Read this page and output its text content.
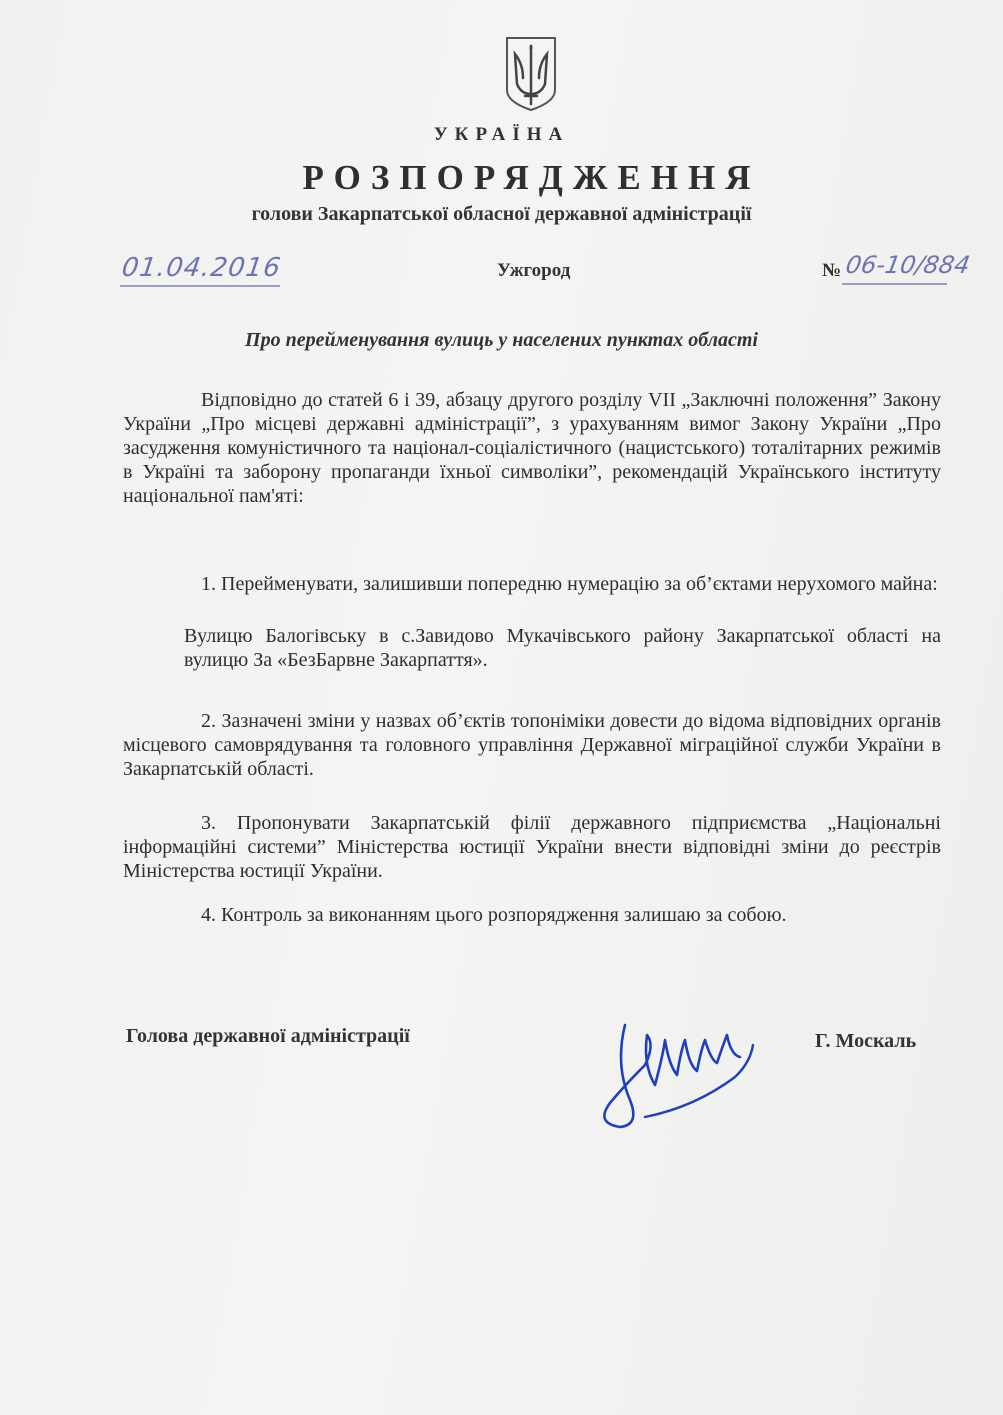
УКРАЇНА
РОЗПОРЯДЖЕННЯ
голови Закарпатської обласної державної адміністрації
01.04.2016	Ужгород	№ 06-10/884
Про перейменування вулиць у населених пунктах області
Відповідно до статей 6 і 39, абзацу другого розділу VII „Заключні положення” Закону України „Про місцеві державні адміністрації”, з урахуванням вимог Закону України „Про засудження комуністичного та націонал-соціалістичного (нацистського) тоталітарних режимів в Україні та заборону пропаганди їхньої символіки”, рекомендацій Українського інституту національної пам'яті:
1. Перейменувати, залишивши попередню нумерацію за об’єктами нерухомого майна:
Вулицю Балогівську в с.Завидово Мукачівського району Закарпатської області на вулицю За «БезБарвне Закарпаття».
2. Зазначені зміни у назвах об’єктів топоніміки довести до відома відповідних органів місцевого самоврядування та головного управління Державної міграційної служби України в Закарпатській області.
3. Пропонувати Закарпатській філії державного підприємства „Національні інформаційні системи” Міністерства юстиції України внести відповідні зміни до реєстрів Міністерства юстиції України.
4. Контроль за виконанням цього розпорядження залишаю за собою.
Голова державної адміністрації	Г. Москаль
